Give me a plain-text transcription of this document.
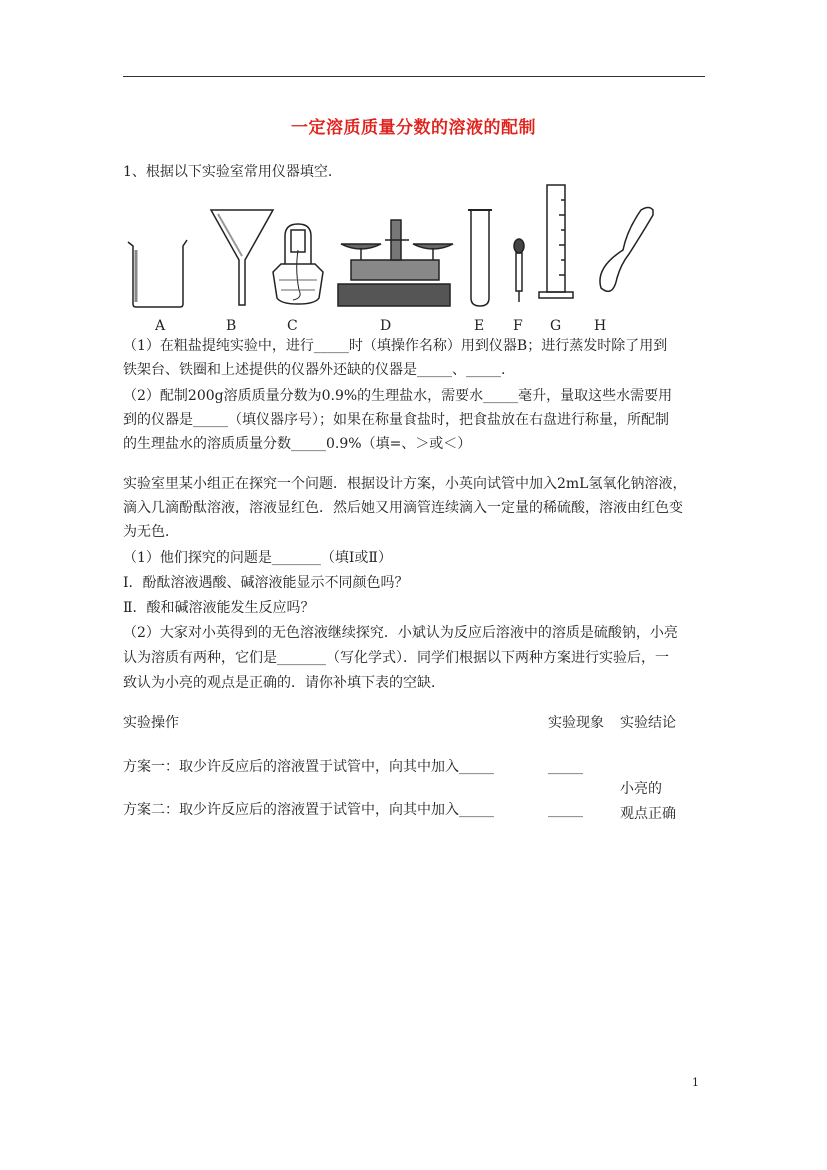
一定溶质质量分数的溶液的配制
1、根据以下实验室常用仪器填空.
A	B	C	D	E F G H
（1）在粗盐提纯实验中，进行_____时（填操作名称）用到仪器B；进行蒸发时除了用到
铁架台、铁圈和上述提供的仪器外还缺的仪器是_____、_____.
（2）配制200g溶质质量分数为0.9%的生理盐水，需要水_____毫升，量取这些水需要用
到的仪器是_____（填仪器序号）；如果在称量食盐时，把食盐放在右盘进行称量，所配制
的生理盐水的溶质质量分数_____0.9%（填=、＞或＜）
实验室里某小组正在探究一个问题．根据设计方案，小英向试管中加入2mL氢氧化钠溶液，
滴入几滴酚酞溶液，溶液显红色．然后她又用滴管连续滴入一定量的稀硫酸，溶液由红色变
为无色．
（1）他们探究的问题是_______（填Ⅰ或Ⅱ）
Ⅰ．酚酞溶液遇酸、碱溶液能显示不同颜色吗？
Ⅱ．酸和碱溶液能发生反应吗？
（2）大家对小英得到的无色溶液继续探究．小斌认为反应后溶液中的溶质是硫酸钠，小亮
认为溶质有两种，它们是_______（写化学式）．同学们根据以下两种方案进行实验后，一
致认为小亮的观点是正确的．请你补填下表的空缺．
实验操作	实验现象 实验结论
方案一：取少许反应后的溶液置于试管中，向其中加入_____	_____
小亮的
观点正确
方案二：取少许反应后的溶液置于试管中，向其中加入_____	_____
1
